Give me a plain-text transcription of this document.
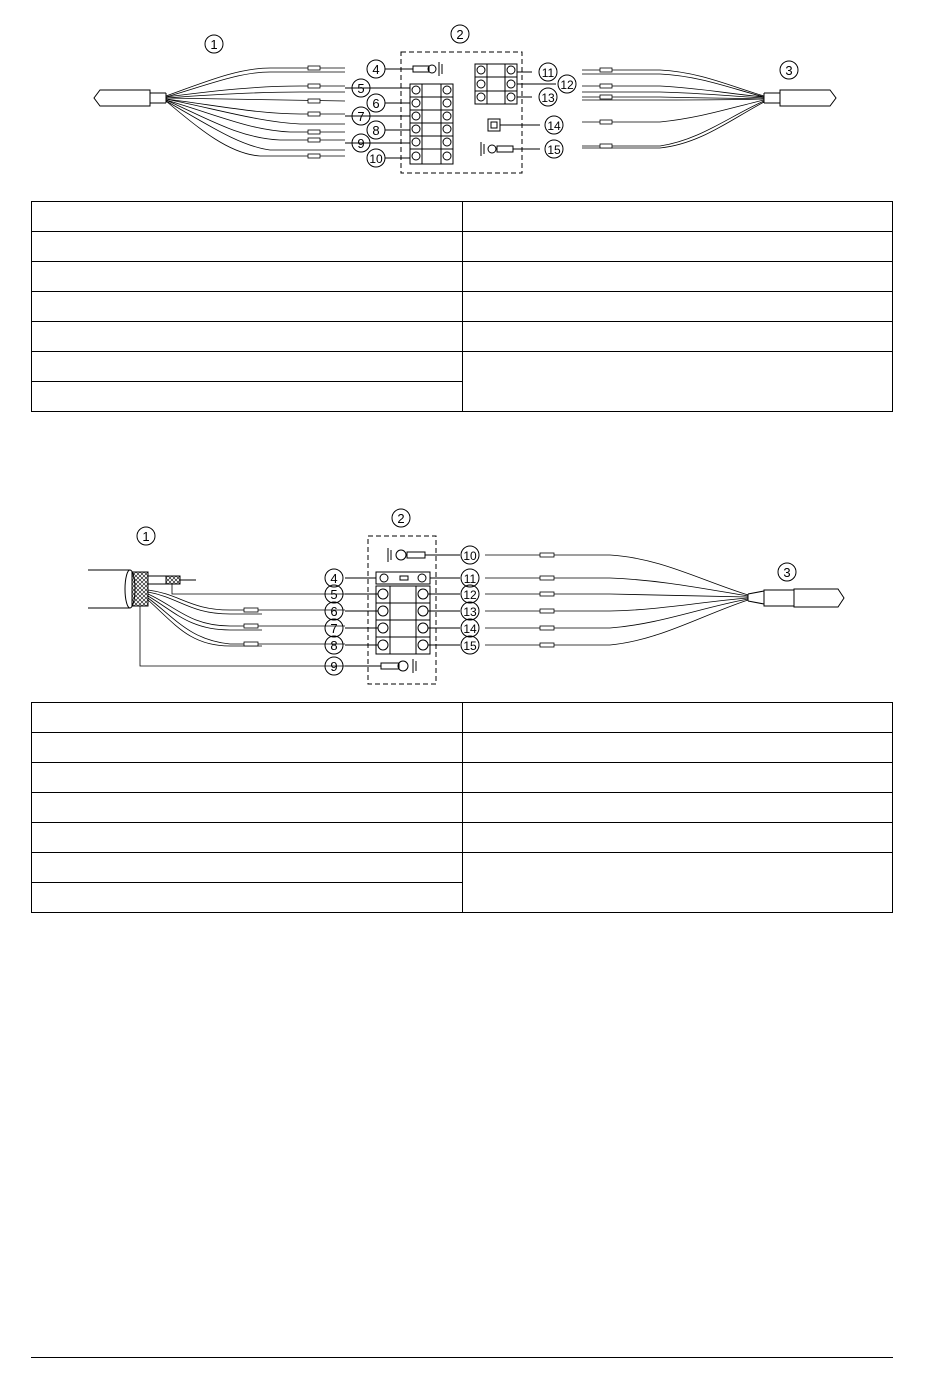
1
2
3
4
5
6
7
8
9
10
11
12
13
14
15

1
2
3
4
5
6
7
8
9
10
11
12
13
14
15
